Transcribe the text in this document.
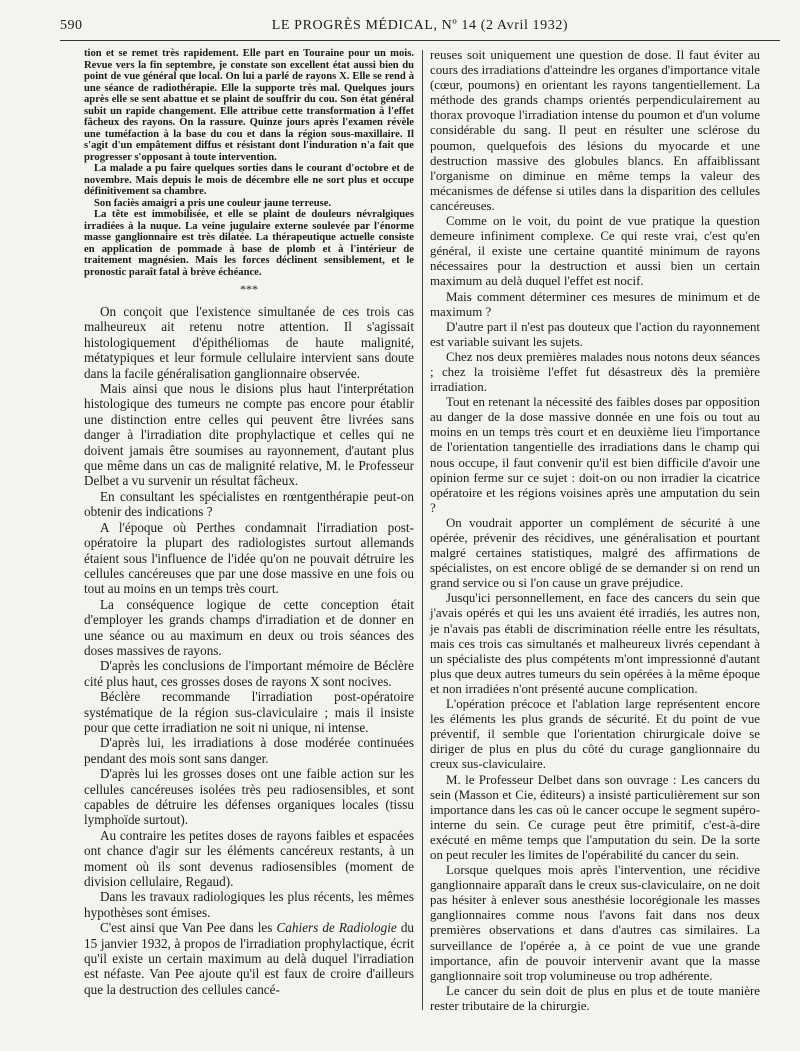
590	LE PROGRÈS MÉDICAL, Nº 14 (2 Avril 1932)

tion et se remet très rapidement. Elle part en Touraine pour un mois. Revue vers la fin septembre, je constate son excellent état aussi bien du point de vue général que local. On lui a parlé de rayons X. Elle se rend à une séance de radiothérapie. Elle la supporte très mal. Quelques jours après elle se sent abattue et se plaint de souffrir du cou. Son état général subit un rapide changement. Elle attribue cette transformation à l'effet fâcheux des rayons. On la rassure. Quinze jours après l'examen révèle une tuméfaction à la base du cou et dans la région sous-maxillaire. Il s'agit d'un empâtement diffus et résistant dont l'induration n'a fait que progresser s'opposant à toute intervention.

La malade a pu faire quelques sorties dans le courant d'octobre et de novembre. Mais depuis le mois de décembre elle ne sort plus et occupe définitivement sa chambre.

Son faciès amaigri a pris une couleur jaune terreuse.

La tête est immobilisée, et elle se plaint de douleurs névralgiques irradiées à la nuque. La veine jugulaire externe soulevée par l'énorme masse ganglionnaire est très dilatée. La thérapeutique actuelle consiste en application de pommade à base de plomb et à l'intérieur de traitement magnésien. Mais les forces déclinent sensiblement, et le pronostic paraît fatal à brève échéance.

***

On conçoit que l'existence simultanée de ces trois cas malheureux ait retenu notre attention. Il s'agissait histologiquement d'épithéliomas de haute malignité, métatypiques et leur formule cellulaire intervient sans doute dans la facile généralisation ganglionnaire observée.

Mais ainsi que nous le disions plus haut l'interprétation histologique des tumeurs ne compte pas encore pour établir une distinction entre celles qui peuvent être livrées sans danger à l'irradiation dite prophylactique et celles qui ne doivent jamais être soumises au rayonnement, d'autant plus que même dans un cas de malignité relative, M. le Professeur Delbet a vu survenir un résultat fâcheux.

En consultant les spécialistes en rœntgenthérapie peut-on obtenir des indications ?

A l'époque où Perthes condamnait l'irradiation post-opératoire la plupart des radiologistes surtout allemands étaient sous l'influence de l'idée qu'on ne pouvait détruire les cellules cancéreuses que par une dose massive en une fois ou tout au moins en un temps très court.

La conséquence logique de cette conception était d'employer les grands champs d'irradiation et de donner en une séance ou au maximum en deux ou trois séances des doses massives de rayons.

D'après les conclusions de l'important mémoire de Béclère cité plus haut, ces grosses doses de rayons X sont nocives.

Béclère recommande l'irradiation post-opératoire systématique de la région sus-claviculaire ; mais il insiste pour que cette irradiation ne soit ni unique, ni intense.

D'après lui, les irradiations à dose modérée continuées pendant des mois sont sans danger.

D'après lui les grosses doses ont une faible action sur les cellules cancéreuses isolées très peu radiosensibles, et sont capables de détruire les défenses organiques locales (tissu lymphoïde surtout).

Au contraire les petites doses de rayons faibles et espacées ont chance d'agir sur les éléments cancéreux restants, à un moment où ils sont devenus radiosensibles (moment de division cellulaire, Regaud).

Dans les travaux radiologiques les plus récents, les mêmes hypothèses sont émises.

C'est ainsi que Van Pee dans les Cahiers de Radiologie du 15 janvier 1932, à propos de l'irradiation prophylactique, écrit qu'il existe un certain maximum au delà duquel l'irradiation est néfaste. Van Pee ajoute qu'il est faux de croire d'ailleurs que la destruction des cellules cancé-

reuses soit uniquement une question de dose. Il faut éviter au cours des irradiations d'atteindre les organes d'importance vitale (cœur, poumons) en orientant les rayons tangentiellement. La méthode des grands champs orientés perpendiculairement au thorax provoque l'irradiation intense du poumon et d'un volume considérable du sang. Il peut en résulter une sclérose du poumon, quelquefois des lésions du myocarde et une destruction massive des globules blancs. En affaiblissant l'organisme on diminue en même temps la valeur des mécanismes de défense si utiles dans la disparition des cellules cancéreuses.

Comme on le voit, du point de vue pratique la question demeure infiniment complexe. Ce qui reste vrai, c'est qu'en général, il existe une certaine quantité minimum de rayons nécessaires pour la destruction et aussi bien un certain maximum au delà duquel l'effet est nocif.

Mais comment déterminer ces mesures de minimum et de maximum ?

D'autre part il n'est pas douteux que l'action du rayonnement est variable suivant les sujets.

Chez nos deux premières malades nous notons deux séances ; chez la troisième l'effet fut désastreux dès la première irradiation.

Tout en retenant la nécessité des faibles doses par opposition au danger de la dose massive donnée en une fois ou tout au moins en un temps très court et en deuxième lieu l'importance de l'orientation tangentielle des irradiations dans le champ qui nous occupe, il faut convenir qu'il est bien difficile d'avoir une opinion ferme sur ce sujet : doit-on ou non irradier la cicatrice opératoire et les régions voisines après une amputation du sein ?

On voudrait apporter un complément de sécurité à une opérée, prévenir des récidives, une généralisation et pourtant malgré certaines statistiques, malgré des affirmations de spécialistes, on est encore obligé de se demander si on rend un grand service ou si l'on cause un grave préjudice.

Jusqu'ici personnellement, en face des cancers du sein que j'avais opérés et qui les uns avaient été irradiés, les autres non, je n'avais pas établi de discrimination réelle entre les résultats, mais ces trois cas simultanés et malheureux livrés cependant à un spécialiste des plus compétents m'ont impressionné d'autant plus que deux autres tumeurs du sein opérées à la même époque et non irradiées n'ont présenté aucune complication.

L'opération précoce et l'ablation large représentent encore les éléments les plus grands de sécurité. Et du point de vue préventif, il semble que l'orientation chirurgicale doive se diriger de plus en plus du côté du curage ganglionnaire du creux sus-claviculaire.

M. le Professeur Delbet dans son ouvrage : Les cancers du sein (Masson et Cie, éditeurs) a insisté particulièrement sur son importance dans les cas où le cancer occupe le segment supéro-interne du sein. Ce curage peut être primitif, c'est-à-dire exécuté en même temps que l'amputation du sein. De la sorte on peut reculer les limites de l'opérabilité du cancer du sein.

Lorsque quelques mois après l'intervention, une récidive ganglionnaire apparaît dans le creux sus-claviculaire, on ne doit pas hésiter à enlever sous anesthésie locorégionale les masses ganglionnaires comme nous l'avons fait dans nos deux premières observations et dans d'autres cas similaires. La surveillance de l'opérée a, à ce point de vue une grande importance, afin de pouvoir intervenir avant que la masse ganglionnaire soit trop volumineuse ou trop adhérente.

Le cancer du sein doit de plus en plus et de toute manière rester tributaire de la chirurgie.
